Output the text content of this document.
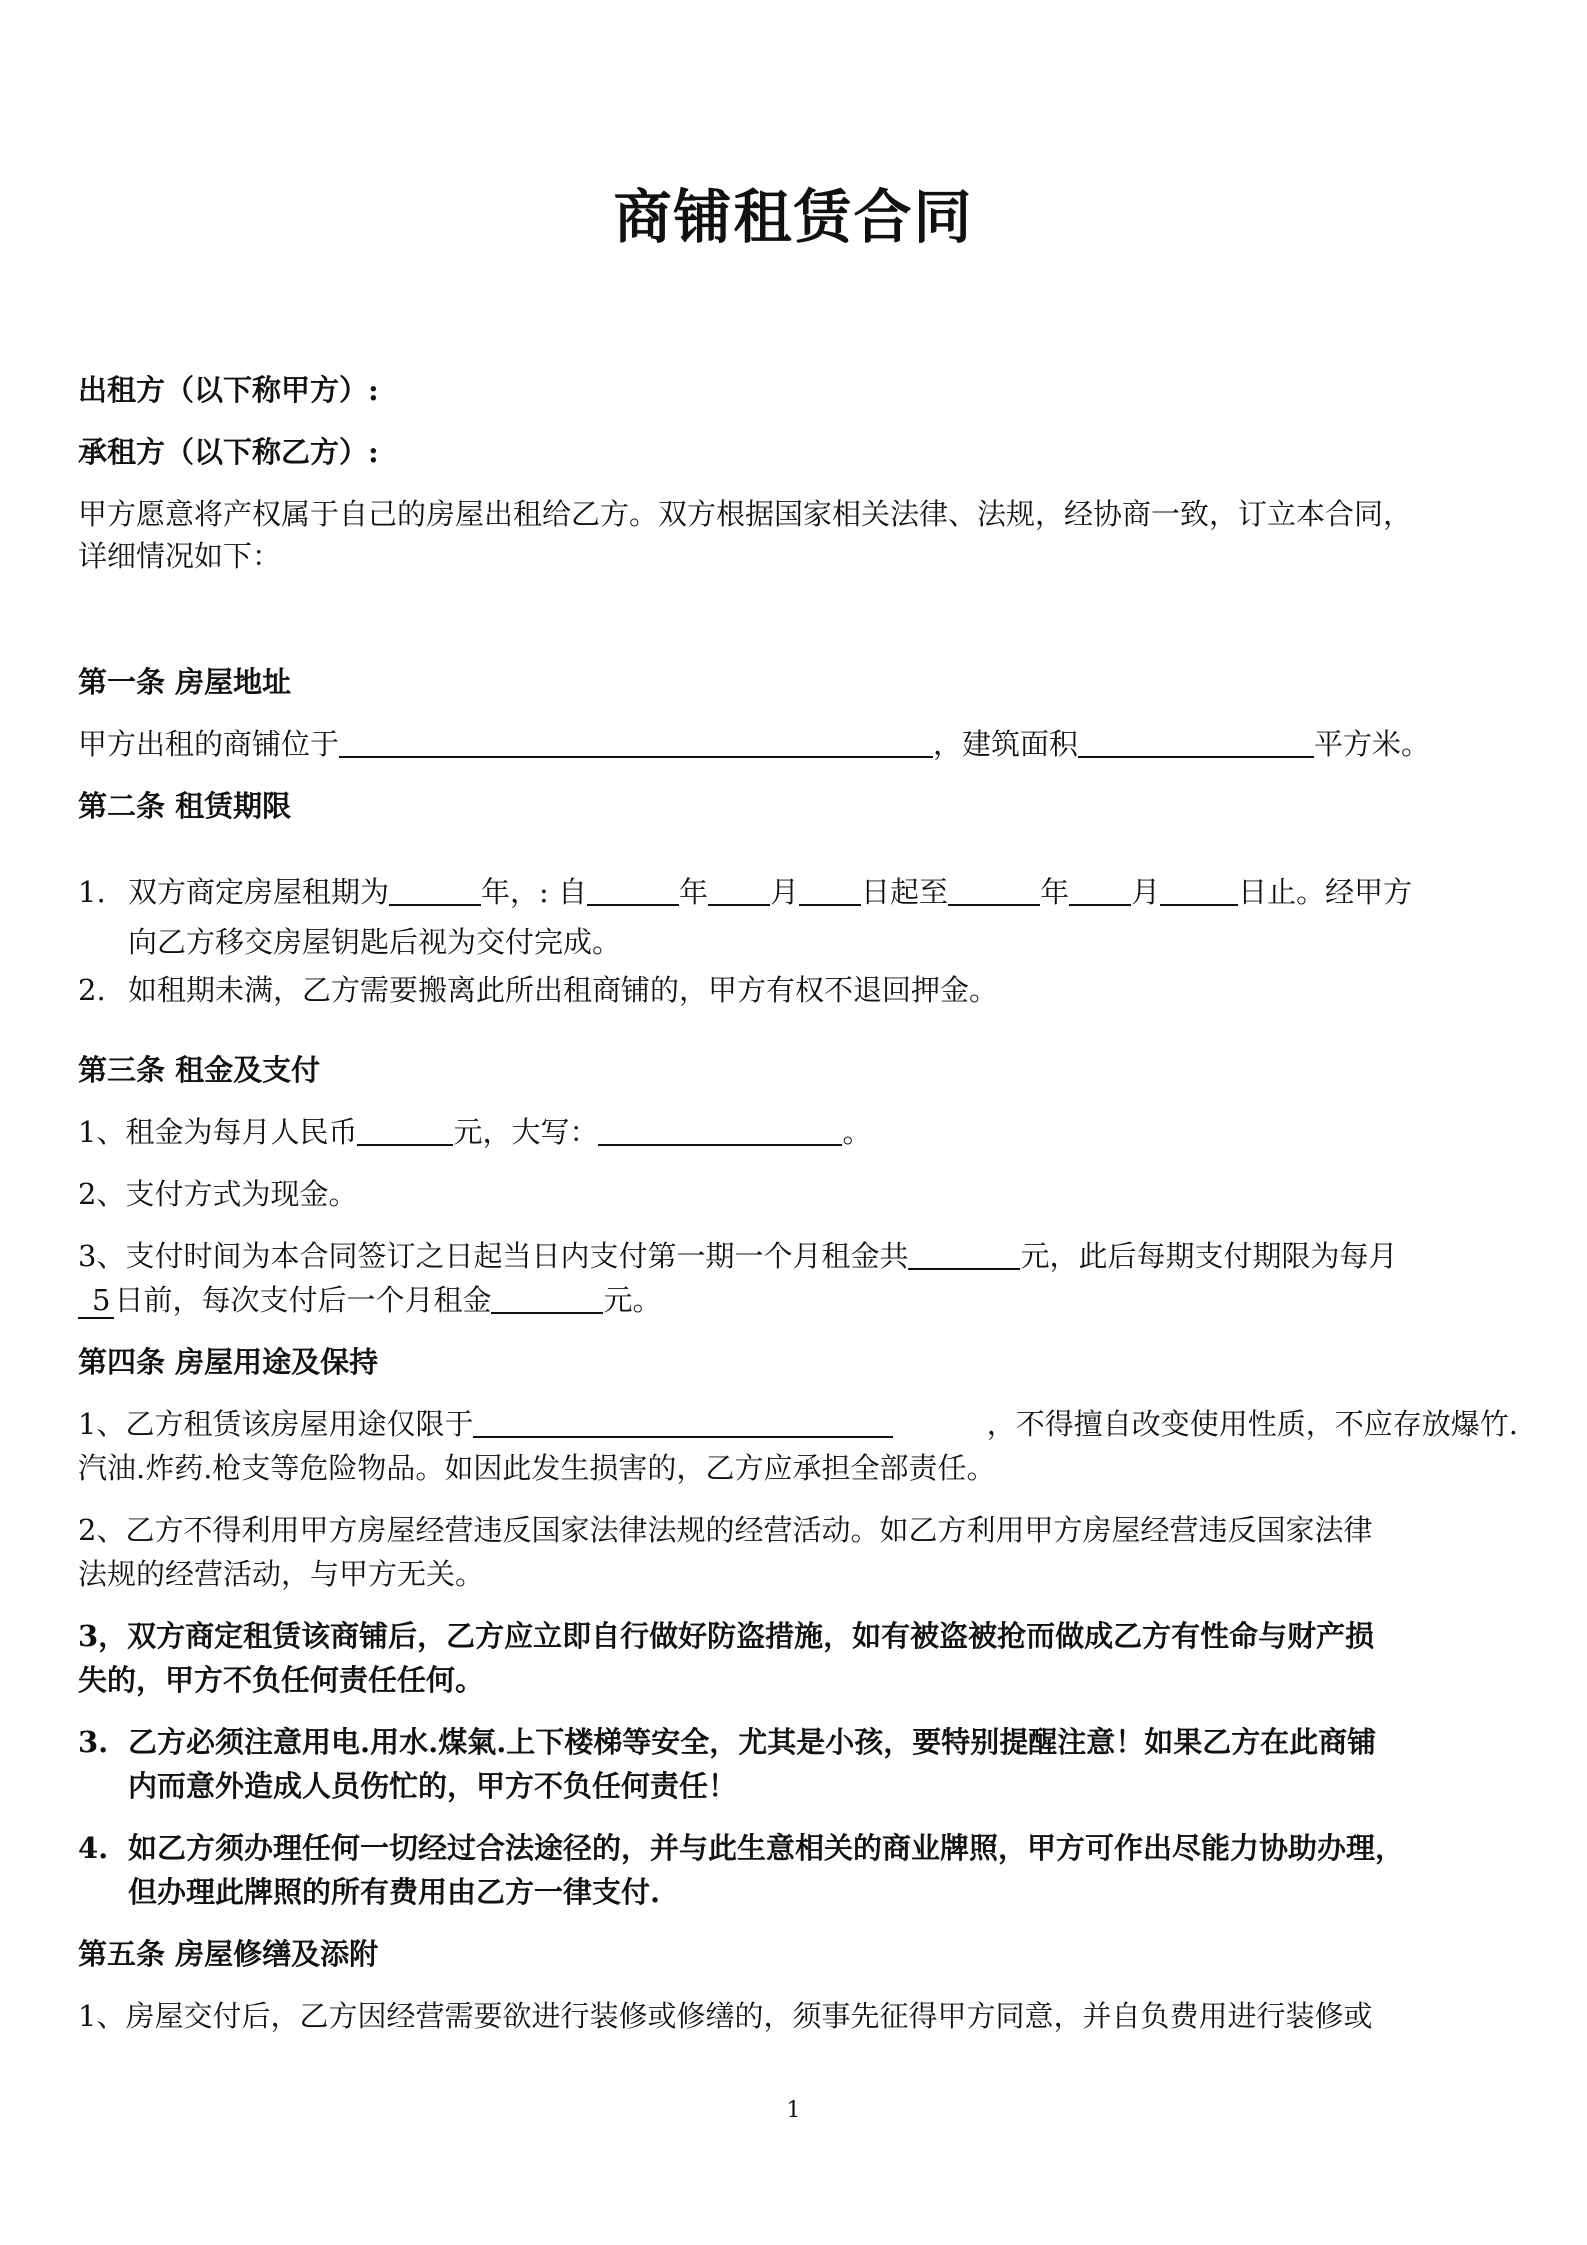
商铺租赁合同
出租方（以下称甲方）:
承租方（以下称乙方）:
甲方愿意将产权属于自己的房屋出租给乙方。双方根据国家相关法律、法规，经协商一致，订立本合同，
详细情况如下：
第一条 房屋地址
甲方出租的商铺位于	，建筑面积	平方米。
第二条 租赁期限
1. 双方商定房屋租期为	年，: 自	年 月 日起至	年 月	日止。经甲方
向乙方移交房屋钥匙后视为交付完成。
2. 如租期未满，乙方需要搬离此所出租商铺的，甲方有权不退回押金。
第三条 租金及支付
1、租金为每月人民币	元，大写：	。
2、支付方式为现金。
3、支付时间为本合同签订之日起当日内支付第一期一个月租金共	元，此后每期支付期限为每月
5 日前，每次支付后一个月租金	元。
第四条 房屋用途及保持
1、乙方租赁该房屋用途仅限于	，不得擅自改变使用性质，不应存放爆竹.
汽油.炸药.枪支等危险物品。如因此发生损害的，乙方应承担全部责任。
2、乙方不得利用甲方房屋经营违反国家法律法规的经营活动。如乙方利用甲方房屋经营违反国家法律
法规的经营活动，与甲方无关。
3，双方商定租赁该商铺后，乙方应立即自行做好防盗措施，如有被盗被抢而做成乙方有性命与财产损
失的，甲方不负任何责任任何。
3. 乙方必须注意用电.用水.煤氣.上下楼梯等安全，尤其是小孩，要特别提醒注意！如果乙方在此商铺
内而意外造成人员伤忙的，甲方不负任何责任！
4. 如乙方须办理任何一切经过合法途径的，并与此生意相关的商业牌照，甲方可作出尽能力协助办理，
但办理此牌照的所有费用由乙方一律支付.
第五条 房屋修缮及添附
1、房屋交付后，乙方因经营需要欲进行装修或修缮的，须事先征得甲方同意，并自负费用进行装修或
1
